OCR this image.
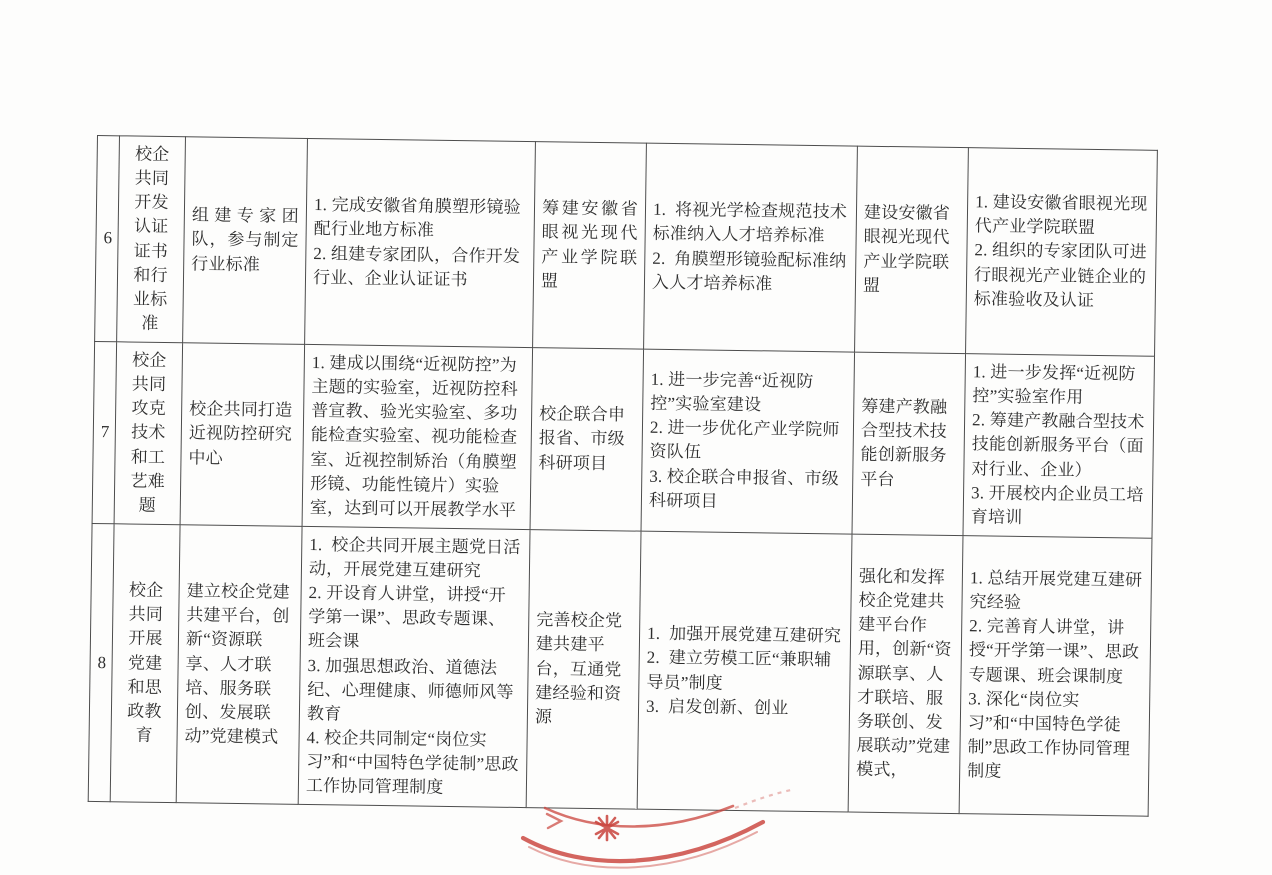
6	校企共同开发认证证书和行业标准	组建专家团队，参与制定行业标准	1. 完成安徽省角膜塑形镜验配行业地方标准
2. 组建专家团队，合作开发行业、企业认证证书	筹建安徽省眼视光现代产业学院联盟	1.  将视光学检查规范技术标准纳入人才培养标准
2.  角膜塑形镜验配标准纳入人才培养标准	建设安徽省眼视光现代产业学院联盟	1. 建设安徽省眼视光现代产业学院联盟
2. 组织的专家团队可进行眼视光产业链企业的标准验收及认证
7	校企共同攻克技术和工艺难题	校企共同打造近视防控研究中心	1. 建成以围绕“近视防控”为主题的实验室，近视防控科普宣教、验光实验室、多功能检查实验室、视功能检查室、近视控制矫治（角膜塑形镜、功能性镜片）实验室，达到可以开展教学水平	校企联合申报省、市级科研项目	1. 进一步完善“近视防控”实验室建设
2. 进一步优化产业学院师资队伍
3. 校企联合申报省、市级科研项目	筹建产教融合型技术技能创新服务平台	1. 进一步发挥“近视防控”实验室作用
2. 筹建产教融合型技术技能创新服务平台（面对行业、企业）
3. 开展校内企业员工培育培训
8	校企共同开展党建和思政教育	建立校企党建共建平台，创新“资源联享、人才联培、服务联创、发展联动”党建模式	1.  校企共同开展主题党日活动，开展党建互建研究
2. 开设育人讲堂，讲授“开学第一课”、思政专题课、班会课
3. 加强思想政治、道德法纪、心理健康、师德师风等教育
4. 校企共同制定“岗位实习”和“中国特色学徒制”思政工作协同管理制度	完善校企党建共建平台，互通党建经验和资源	1.  加强开展党建互建研究
2.  建立劳模工匠“兼职辅导员”制度
3.  启发创新、创业	强化和发挥校企党建共建平台作用，创新“资源联享、人才联培、服务联创、发展联动”党建模式，	1. 总结开展党建互建研究经验
2. 完善育人讲堂，讲授“开学第一课”、思政专题课、班会课制度
3. 深化“岗位实习”和“中国特色学徒制”思政工作协同管理制度
